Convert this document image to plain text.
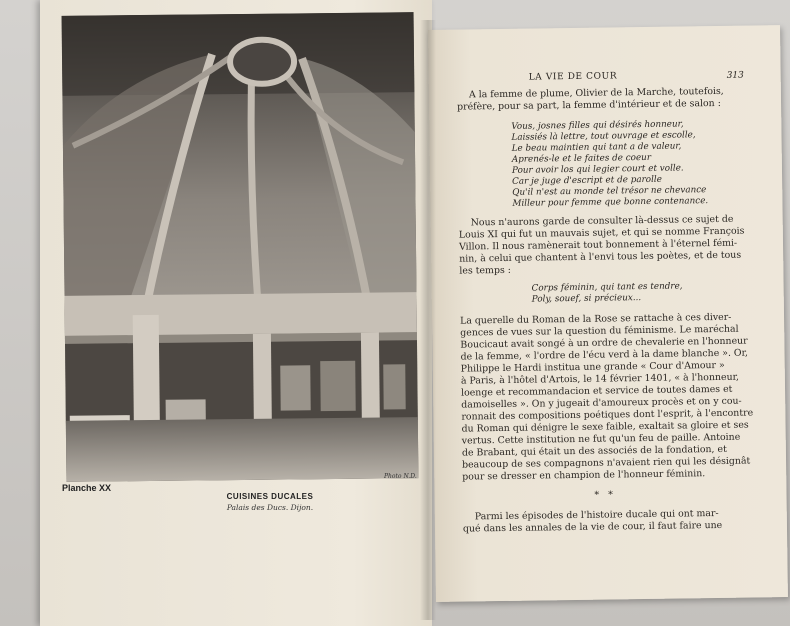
LA VIE DE COUR	313
A la femme de plume, Olivier de la Marche, toutefois,
préfère, pour sa part, la femme d'intérieur et de salon :
Vous, josnes filles qui désirés honneur,
Laissiés là lettre, tout ouvrage et escolle,
Le beau maintien qui tant a de valeur,
Aprenés-le et le faites de coeur
Pour avoir los qui legier court et volle.
Car je juge d'escript et de parolle
Qu'il n'est au monde tel trésor ne chevance
Milleur pour femme que bonne contenance.
Nous n'aurons garde de consulter là-dessus ce sujet de
Louis XI qui fut un mauvais sujet, et qui se nomme François
Villon. Il nous ramènerait tout bonnement à l'éternel fémi-
nin, à celui que chantent à l'envi tous les poètes, et de tous
les temps :
Corps féminin, qui tant es tendre,
Poly, souef, si précieux...
La querelle du Roman de la Rose se rattache à ces diver-
gences de vues sur la question du féminisme. Le maréchal
Boucicaut avait songé à un ordre de chevalerie en l'honneur
de la femme, « l'ordre de l'écu verd à la dame blanche ». Or,
Philippe le Hardi institua une grande « Cour d'Amour »
à Paris, à l'hôtel d'Artois, le 14 février 1401, « à l'honneur,
loenge et recommandacion et service de toutes dames et
damoiselles ». On y jugeait d'amoureux procès et on y cou-
ronnait des compositions poétiques dont l'esprit, à l'encontre
du Roman qui dénigre le sexe faible, exaltait sa gloire et ses
vertus. Cette institution ne fut qu'un feu de paille. Antoine
de Brabant, qui était un des associés de la fondation, et
beaucoup de ses compagnons n'avaient rien qui les désignât
pour se dresser en champion de l'honneur féminin.
* *
Parmi les épisodes de l'histoire ducale qui ont mar-
qué dans les annales de la vie de cour, il faut faire une
Planche XX
Photo N.D.
CUISINES DUCALES
Palais des Ducs. Dijon.
